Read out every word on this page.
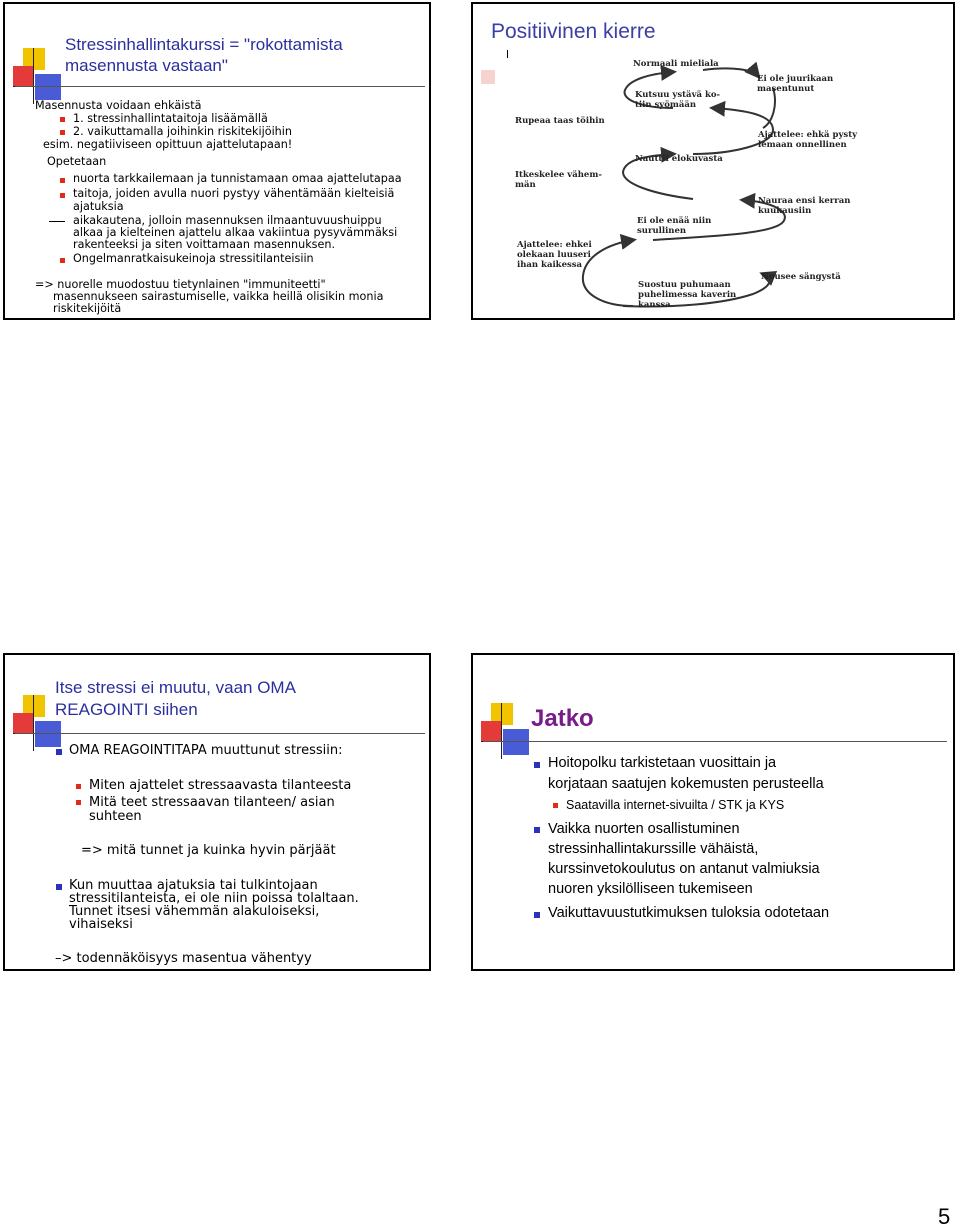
Stressinhallintakurssi = "rokottamista
masennusta vastaan"
Masennusta voidaan ehkäistä
1. stressinhallintataitoja lisäämällä
2. vaikuttamalla joihinkin riskitekijöihin
esim. negatiiviseen opittuun ajattelutapaan!
Opetetaan
nuorta tarkkailemaan ja tunnistamaan omaa ajattelutapaa
taitoja, joiden avulla nuori pystyy vähentämään kielteisiä
ajatuksia
aikakautena, jolloin masennuksen ilmaantuvuushuippu
alkaa ja kielteinen ajattelu alkaa vakiintua pysyvämmäksi
rakenteeksi ja siten voittamaan masennuksen.
Ongelmanratkaisukeinoja stressitilanteisiin
=> nuorelle muodostuu tietynlainen "immuniteetti"
masennukseen sairastumiselle, vaikka heillä olisikin monia
riskitekijöitä
Positiivinen kierre
Normaali mieliala
Ei ole juurikaan
masentunut
Kutsuu ystävä ko-
tiin syömään
Rupeaa taas töihin
Ajattelee: ehkä pysty
lemaan onnellinen
Nauttii elokuvasta
Itkeskelee vähem-
män
Nauraa ensi kerran
kuukausiin
Ei ole enää niin
surullinen
Ajattelee: ehkei
olekaan luuseri
ihan kaikessa
Nousee sängystä
Suostuu puhumaan
puhelimessa kaverin
kanssa
Itse stressi ei muutu, vaan OMA
REAGOINTI siihen
OMA REAGOINTITAPA muuttunut stressiin:
Miten ajattelet stressaavasta tilanteesta
Mitä teet stressaavan tilanteen/ asian
suhteen
=> mitä tunnet ja kuinka hyvin pärjäät
Kun muuttaa ajatuksia tai tulkintojaan
stressitilanteista, ei ole niin poissa tolaltaan.
Tunnet itsesi vähemmän alakuloiseksi,
vihaiseksi
–> todennäköisyys masentua vähentyy
Jatko
Hoitopolku tarkistetaan vuosittain ja
korjataan saatujen kokemusten perusteella
Saatavilla internet-sivuilta / STK ja KYS
Vaikka nuorten osallistuminen
stressinhallintakurssille vähäistä,
kurssinvetokoulutus on antanut valmiuksia
nuoren yksilölliseen tukemiseen
Vaikuttavuustutkimuksen tuloksia odotetaan
5
